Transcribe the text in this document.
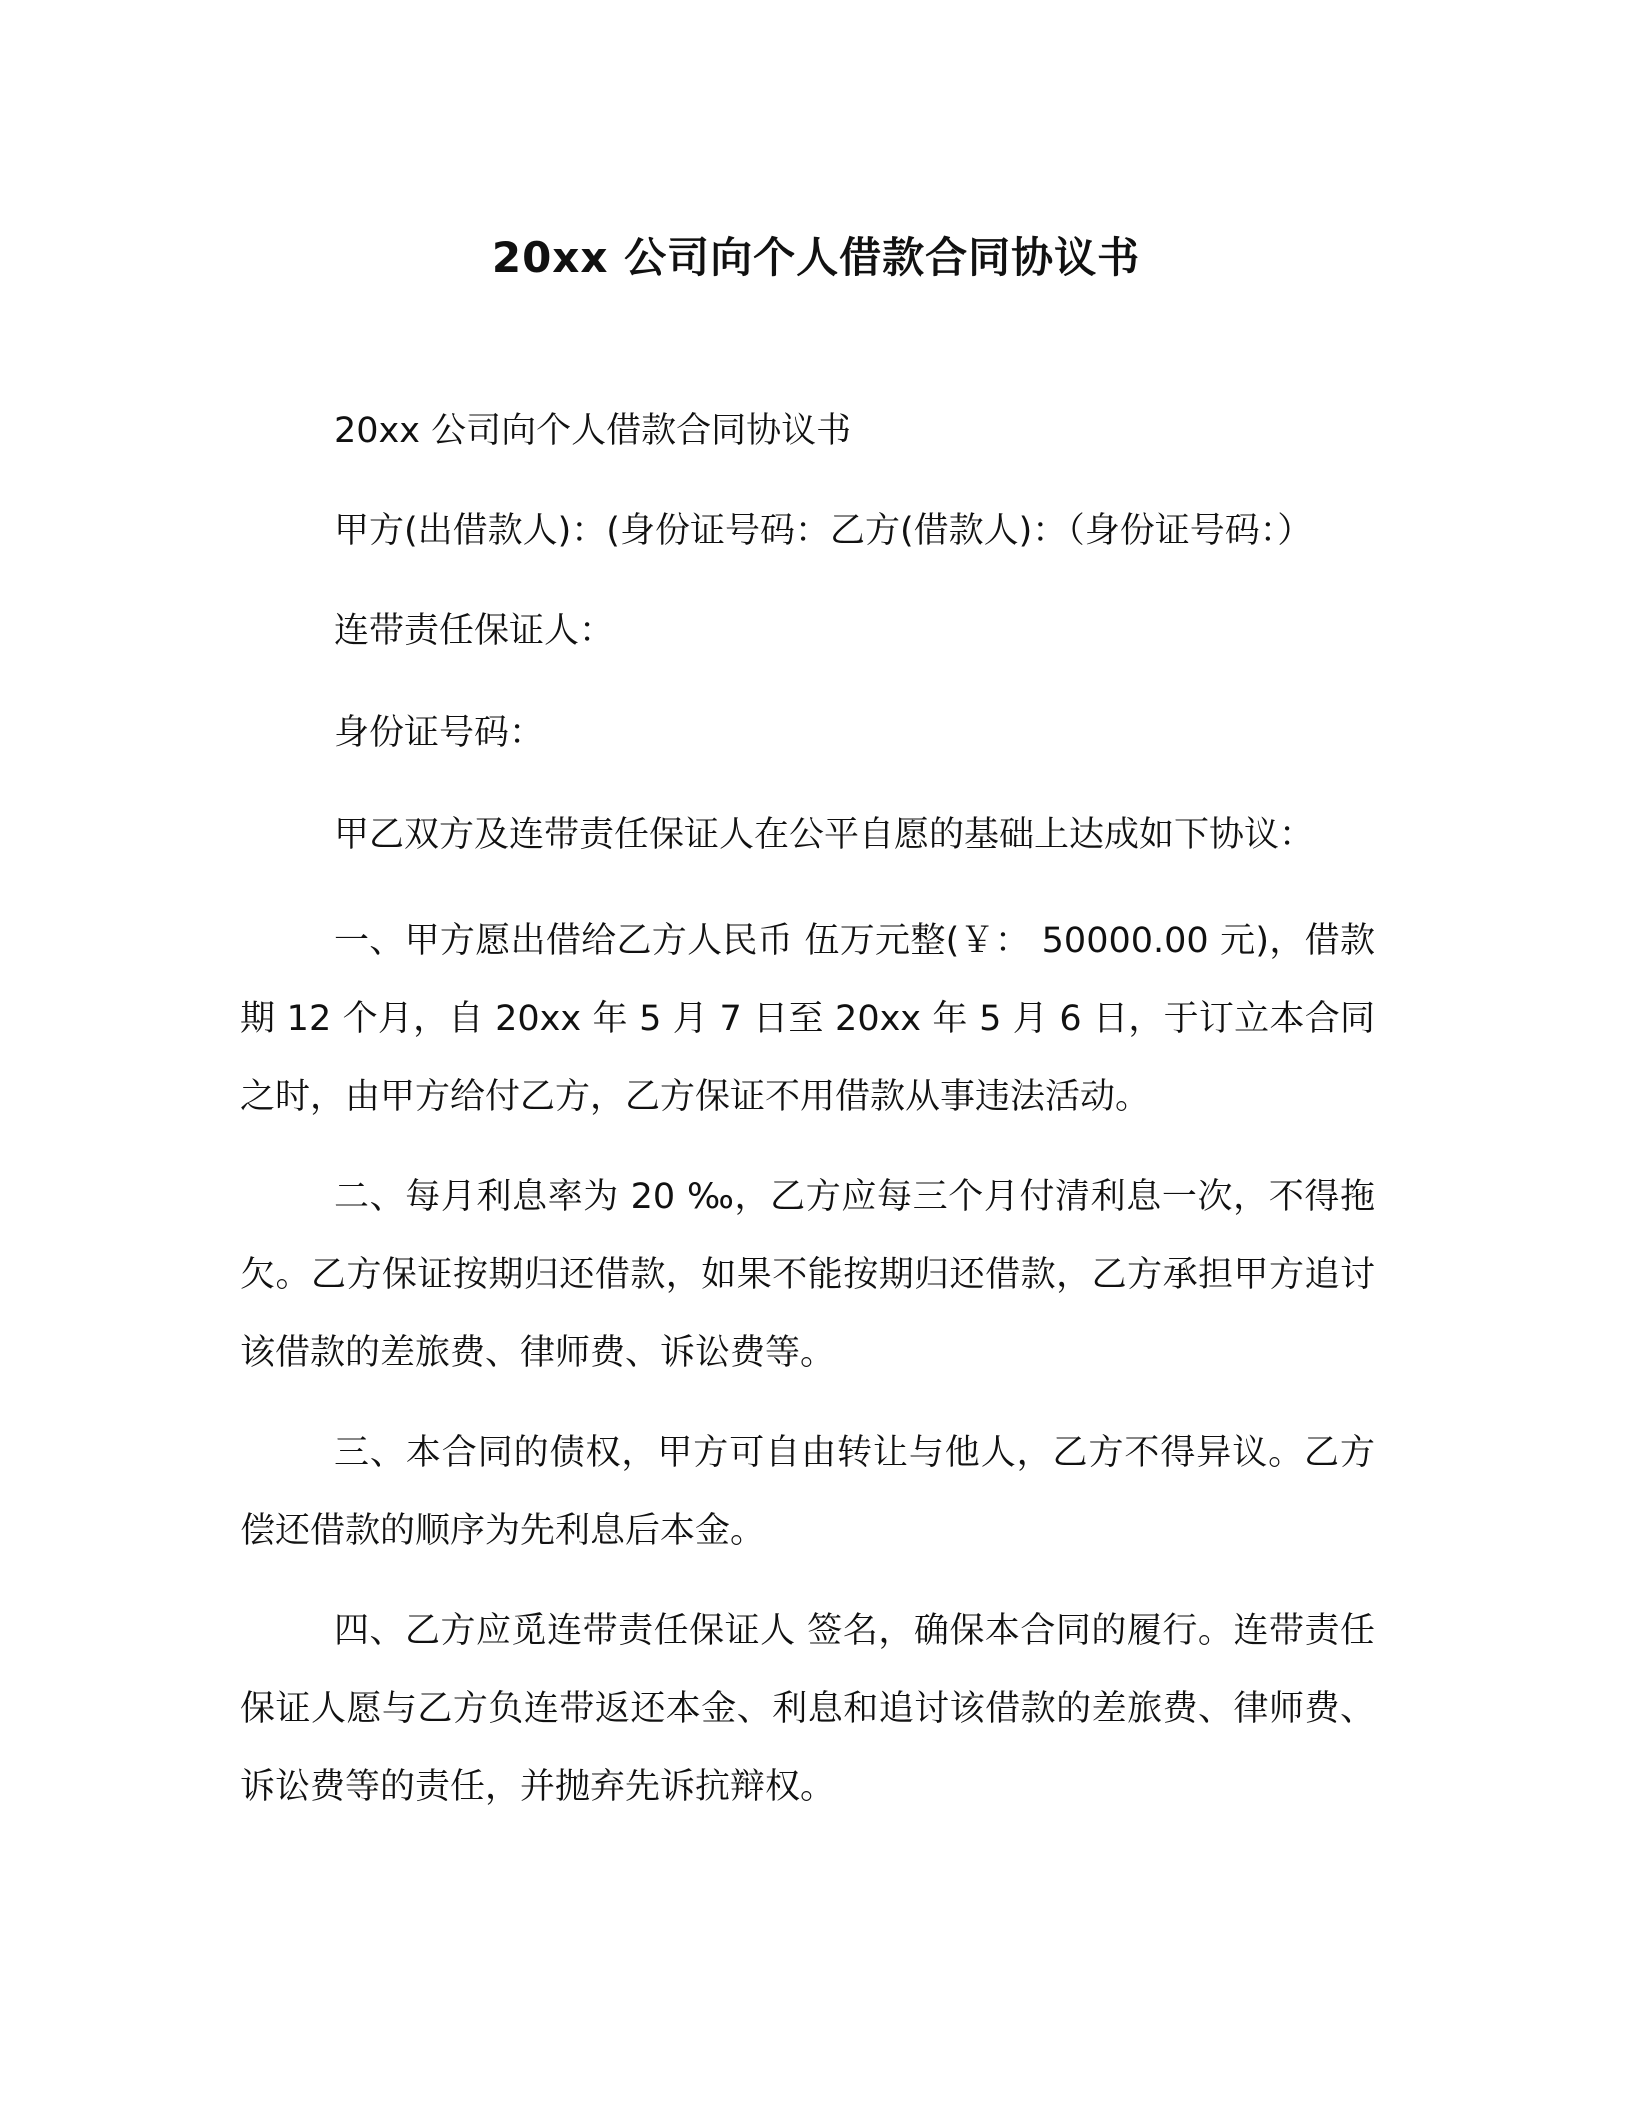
20xx 公司向个人借款合同协议书

20xx 公司向个人借款合同协议书

甲方(出借款人)：(身份证号码：乙方(借款人)：（身份证号码：）

连带责任保证人：

身份证号码：

甲乙双方及连带责任保证人在公平自愿的基础上达成如下协议：

一、甲方愿出借给乙方人民币 伍万元整(￥： 50000.00 元)，借款期 12 个月，自 20xx 年 5 月 7 日至 20xx 年 5 月 6 日，于订立本合同之时，由甲方给付乙方，乙方保证不用借款从事违法活动。

二、每月利息率为 20 ‰，乙方应每三个月付清利息一次，不得拖欠。乙方保证按期归还借款，如果不能按期归还借款，乙方承担甲方追讨该借款的差旅费、律师费、诉讼费等。

三、本合同的债权，甲方可自由转让与他人，乙方不得异议。乙方偿还借款的顺序为先利息后本金。

四、乙方应觅连带责任保证人 签名，确保本合同的履行。连带责任保证人愿与乙方负连带返还本金、利息和追讨该借款的差旅费、律师费、诉讼费等的责任，并抛弃先诉抗辩权。
